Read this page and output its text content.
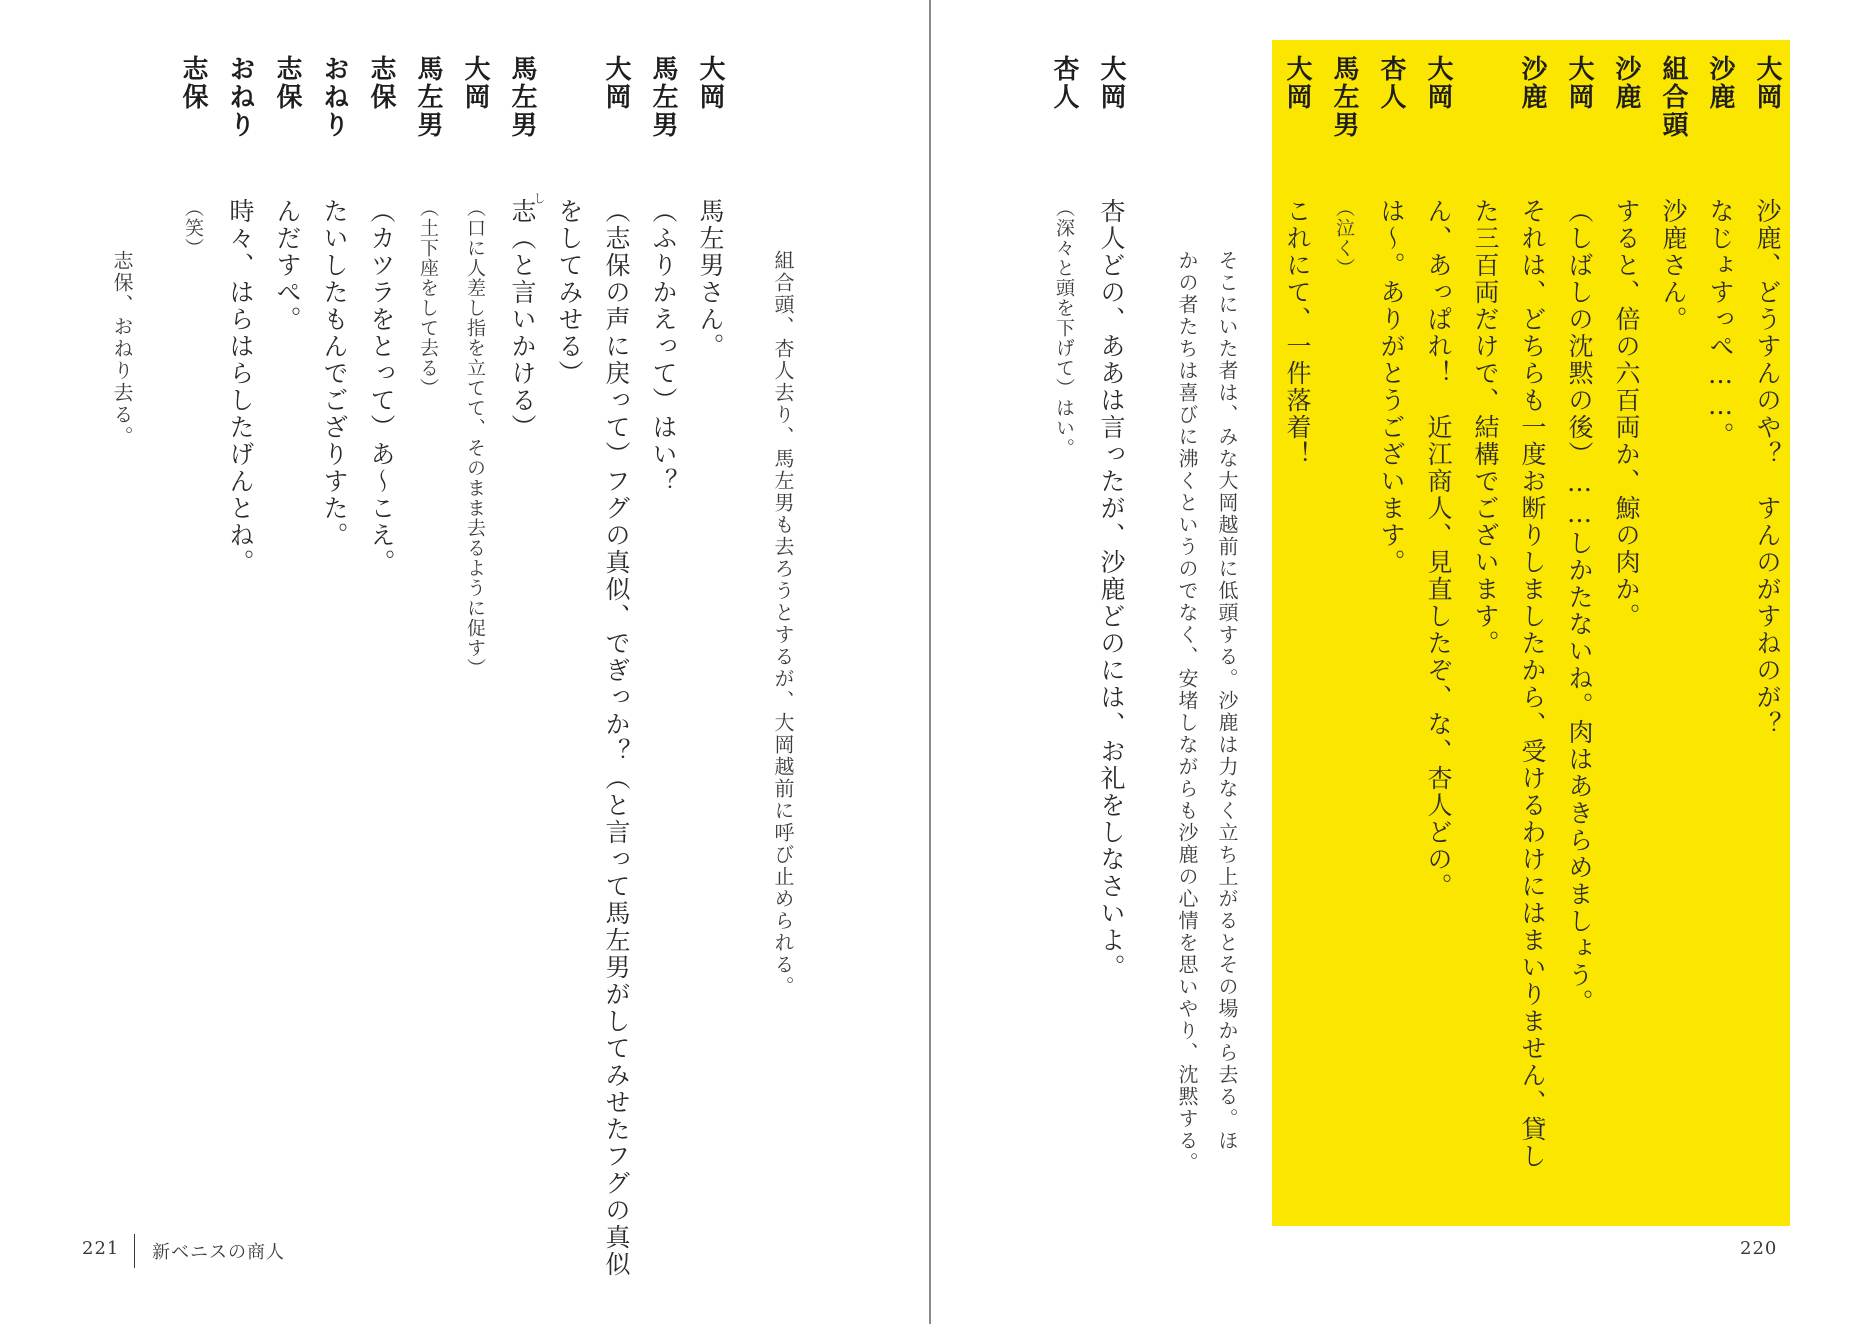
大岡
沙鹿、どうすんのや？　すんのがすねのが？
沙鹿
なじょすっぺ……。
組合頭
沙鹿さん。
沙鹿
すると、倍の六百両か、鯨の肉か。
大岡
（しばしの沈黙の後）……しかたないね。肉はあきらめましょう。
沙鹿
それは、どちらも一度お断りしましたから、受けるわけにはまいりません、貸し
た三百両だけで、結構でございます。
大岡
ん、あっぱれ！　近江商人、見直したぞ、な、杏人どの。
杏人
は～。ありがとうございます。
馬左男
（泣く）
大岡
これにて、一件落着！
そこにいた者は、みな大岡越前に低頭する。沙鹿は力なく立ち上がるとその場から去る。ほ
かの者たちは喜びに沸くというのでなく、安堵しながらも沙鹿の心情を思いやり、沈黙する。
大岡
杏人どの、ああは言ったが、沙鹿どのには、お礼をしなさいよ。
杏人
（深々と頭を下げて）はい。
組合頭、杏人去り、馬左男も去ろうとするが、大岡越前に呼び止められる。
大岡
馬左男さん。
馬左男
（ふりかえって）はい？
大岡
（志保の声に戻って）フグの真似、でぎっか？（と言って馬左男がしてみせたフグの真似
をしてみせる）
馬左男
志（と言いかける）
し
大岡
（口に人差し指を立てて、そのまま去るように促す）
馬左男
（土下座をして去る）
志保
（カツラをとって）あ～こえ。
おねり
たいしたもんでござりすた。
志保
んだすぺ。
おねり
時々、はらはらしたげんとね。
志保
（笑）
志保、おねり去る。
221 新ベニスの商人	220
